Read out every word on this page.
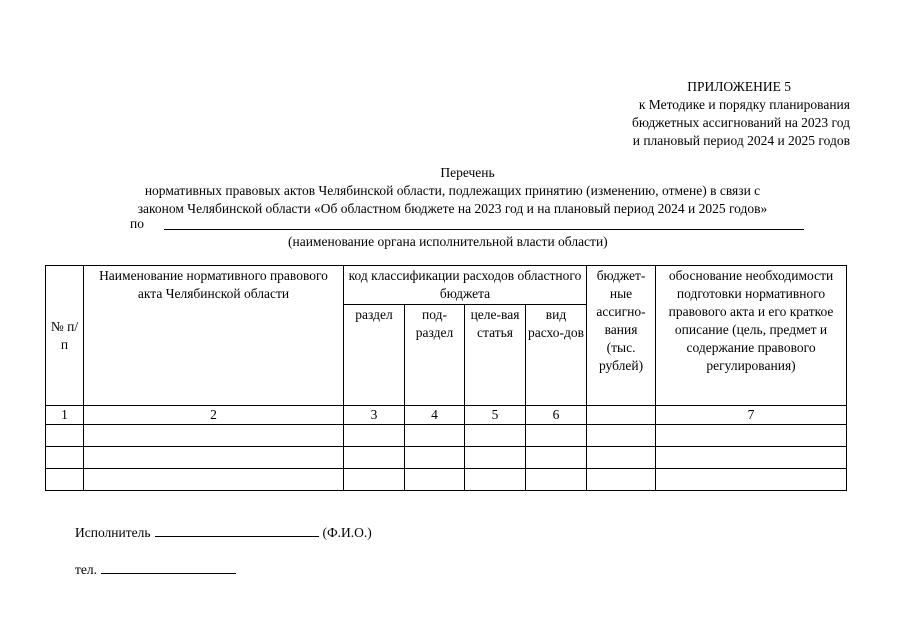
ПРИЛОЖЕНИЕ 5
к Методике и порядку планирования
бюджетных ассигнований на 2023 год
и плановый период 2024 и 2025 годов
Перечень
нормативных правовых актов Челябинской области, подлежащих принятию (изменению, отмене) в связи с
законом Челябинской области «Об областном бюджете на 2023 год и на плановый период 2024 и 2025 годов»
по
(наименование органа исполнительной власти области)
№ п/п	Наименование нормативного правового акта Челябинской области	код классификации расходов областного бюджета				бюджет-ные ассигно-вания (тыс. рублей)	обоснование необходимости подготовки нормативного правового акта и его краткое описание (цель, предмет и содержание правового регулирования)
		раздел	под-раздел	целе-вая статья	вид расхо-дов		
1	2	3	4	5	6		7

Исполнитель	(Ф.И.О.)
тел.
